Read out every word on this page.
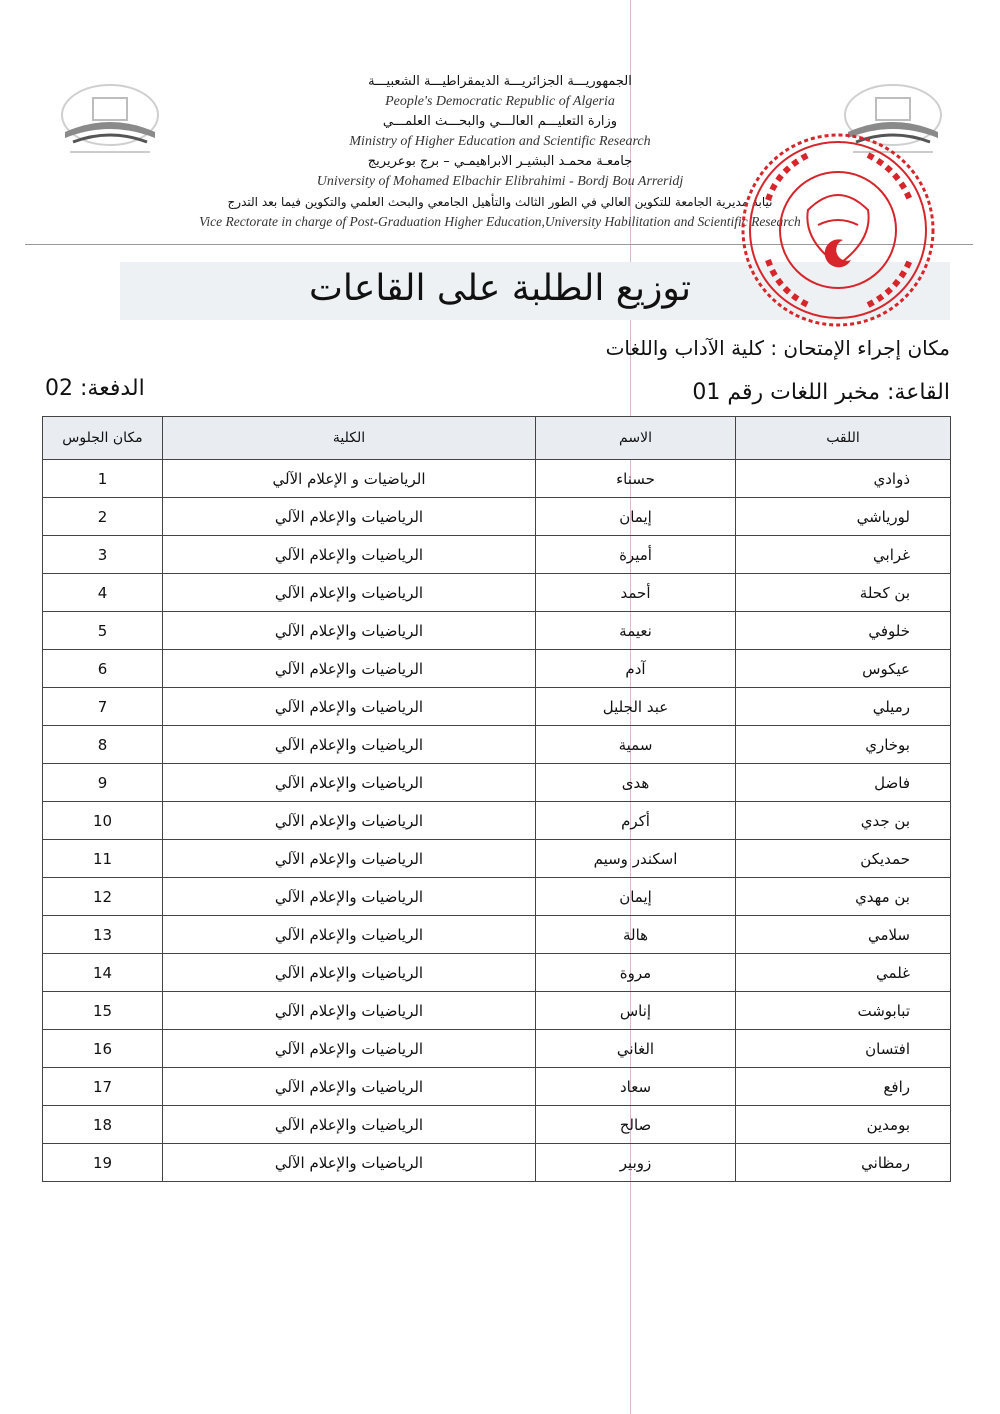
الجمهوريـــة الجزائريـــة الديمقراطيـــة الشعبيـــة
People's Democratic Republic of Algeria
وزارة التعليـــم العالـــي والبحـــث العلمـــي
Ministry of Higher Education and Scientific Research
جامعـة محمـد البشيـر الابراهيمـي – برج بوعريريج
University of Mohamed Elbachir Elibrahimi - Bordj Bou Arreridj
نيابة مديرية الجامعة للتكوين العالي في الطور الثالث والتأهيل الجامعي والبحث العلمي والتكوين فيما بعد التدرج
Vice Rectorate in charge of Post-Graduation Higher Education,University Habilitation and Scientific Research
توزيع الطلبة على القاعات
مكان إجراء الإمتحان : كلية الآداب واللغات
القاعة: مخبر اللغات رقم 01
الدفعة: 02
اللقب	الاسم	الكلية	مكان الجلوس
ذوادي	حسناء	الرياضيات و الإعلام الآلي	1
لورياشي	إيمان	الرياضيات والإعلام الآلي	2
غرابي	أميرة	الرياضيات والإعلام الآلي	3
بن كحلة	أحمد	الرياضيات والإعلام الآلي	4
خلوفي	نعيمة	الرياضيات والإعلام الآلي	5
عيكوس	آدم	الرياضيات والإعلام الآلي	6
رميلي	عبد الجليل	الرياضيات والإعلام الآلي	7
بوخاري	سمية	الرياضيات والإعلام الآلي	8
فاضل	هدى	الرياضيات والإعلام الآلي	9
بن جدي	أكرم	الرياضيات والإعلام الآلي	10
حمديكن	اسكندر وسيم	الرياضيات والإعلام الآلي	11
بن مهدي	إيمان	الرياضيات والإعلام الآلي	12
سلامي	هالة	الرياضيات والإعلام الآلي	13
غلمي	مروة	الرياضيات والإعلام الآلي	14
تبابوشت	إناس	الرياضيات والإعلام الآلي	15
افتسان	الغاني	الرياضيات والإعلام الآلي	16
رافع	سعاد	الرياضيات والإعلام الآلي	17
بومدين	صالح	الرياضيات والإعلام الآلي	18
رمظاني	زوبير	الرياضيات والإعلام الآلي	19
